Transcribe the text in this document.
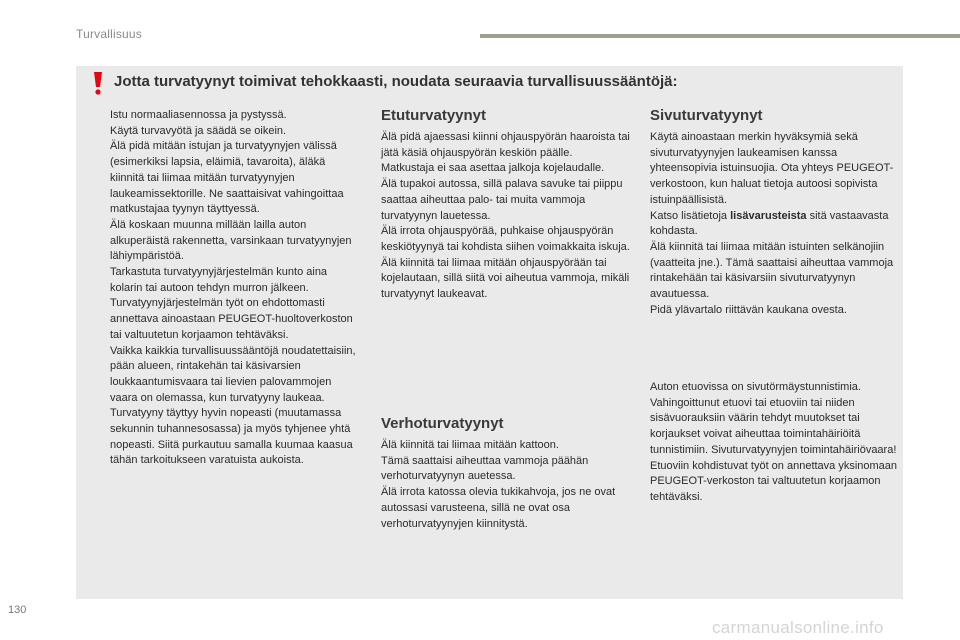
Turvallisuus
Jotta turvatyynyt toimivat tehokkaasti, noudata seuraavia turvallisuussääntöjä:

Istu normaaliasennossa ja pystyssä.
Käytä turvavyötä ja säädä se oikein.
Älä pidä mitään istujan ja turvatyynyjen välissä (esimerkiksi lapsia, eläimiä, tavaroita), äläkä kiinnitä tai liimaa mitään turvatyynyjen laukeamissektorille. Ne saattaisivat vahingoittaa matkustajaa tyynyn täyttyessä.
Älä koskaan muunna millään lailla auton alkuperäistä rakennetta, varsinkaan turvatyynyjen lähiympäristöä.
Tarkastuta turvatyynyjärjestelmän kunto aina kolarin tai autoon tehdyn murron jälkeen. Turvatyynyjärjestelmän työt on ehdottomasti annettava ainoastaan PEUGEOT-huoltoverkoston tai valtuutetun korjaamon tehtäväksi.
Vaikka kaikkia turvallisuussääntöjä noudatettaisiin, pään alueen, rintakehän tai käsivarsien loukkaantumisvaara tai lievien palovammojen vaara on olemassa, kun turvatyyny laukeaa. Turvatyyny täyttyy hyvin nopeasti (muutamassa sekunnin tuhannesosassa) ja myös tyhjenee yhtä nopeasti. Siitä purkautuu samalla kuumaa kaasua tähän tarkoitukseen varatuista aukoista.

Etuturvatyynyt

Älä pidä ajaessasi kiinni ohjauspyörän haaroista tai jätä käsiä ohjauspyörän keskiön päälle.
Matkustaja ei saa asettaa jalkoja kojelaudalle.
Älä tupakoi autossa, sillä palava savuke tai piippu saattaa aiheuttaa palo- tai muita vammoja turvatyynyn lauetessa.
Älä irrota ohjauspyörää, puhkaise ohjauspyörän keskiötyynyä tai kohdista siihen voimakkaita iskuja.
Älä kiinnitä tai liimaa mitään ohjauspyörään tai kojelautaan, sillä siitä voi aiheutua vammoja, mikäli turvatyynyt laukeavat.

Verhoturvatyynyt

Älä kiinnitä tai liimaa mitään kattoon.
Tämä saattaisi aiheuttaa vammoja päähän verhoturvatyynyn auetessa.
Älä irrota katossa olevia tukikahvoja, jos ne ovat autossasi varusteena, sillä ne ovat osa verhoturvatyynyjen kiinnitystä.

Sivuturvatyynyt

Käytä ainoastaan merkin hyväksymiä sekä sivuturvatyynyjen laukeamisen kanssa yhteensopivia istuinsuojia. Ota yhteys PEUGEOT-verkostoon, kun haluat tietoja autoosi sopivista istuinpäällisistä.
Katso lisätietoja lisävarusteista sitä vastaavasta kohdasta.
Älä kiinnitä tai liimaa mitään istuinten selkänojiin (vaatteita jne.). Tämä saattaisi aiheuttaa vammoja rintakehään tai käsivarsiin sivuturvatyynyn avautuessa.
Pidä ylävartalo riittävän kaukana ovesta.

Auton etuovissa on sivutörmäystunnistimia.
Vahingoittunut etuovi tai etuoviin tai niiden sisävuorauksiin väärin tehdyt muutokset tai korjaukset voivat aiheuttaa toimintahäiriöitä tunnistimiin. Sivuturvatyynyjen toimintahäiriövaara!
Etuoviin kohdistuvat työt on annettava yksinomaan PEUGEOT-verkoston tai valtuutetun korjaamon tehtäväksi.

130
carmanualsonline.info
